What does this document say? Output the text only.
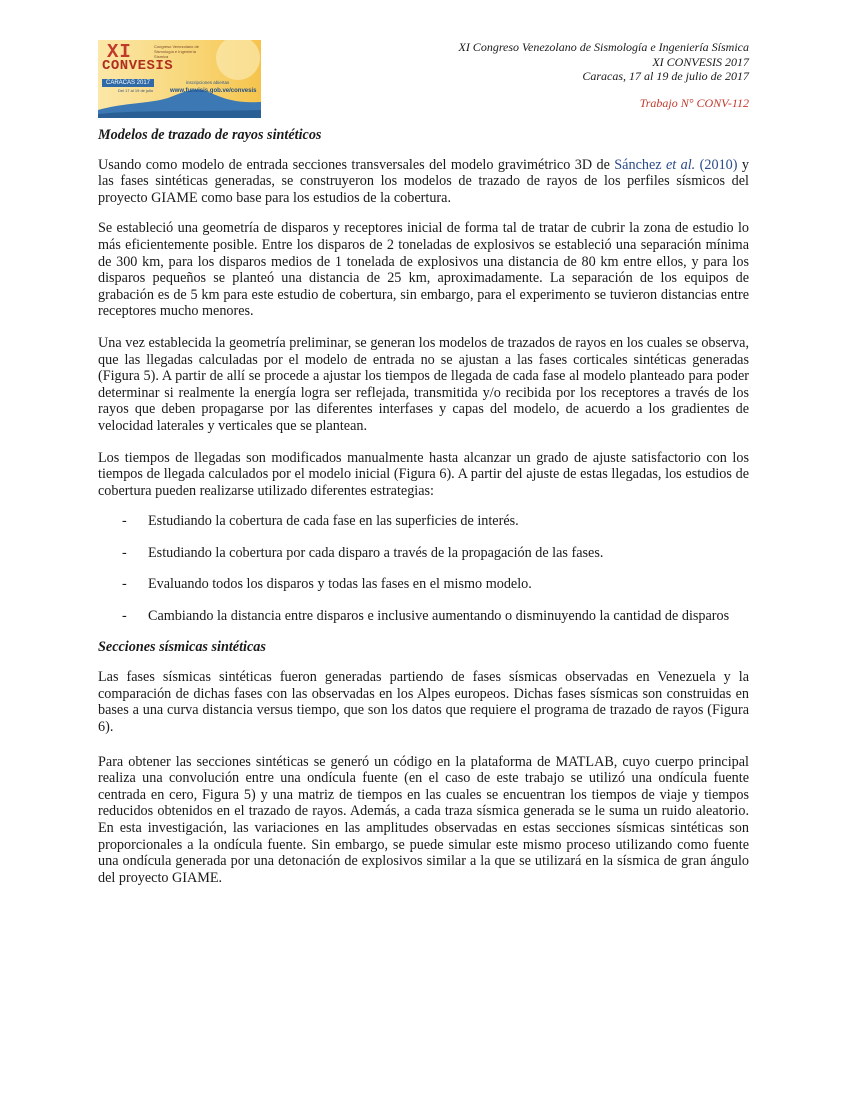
XI	Congreso Venezolano de Sismología e Ingeniería Sísmica
CONVESIS
CARACAS 2017
Del 17 al 19 de julio
inscripciones abiertas
www.funvisis.gob.ve/convesis
XI Congreso Venezolano de Sismología e Ingeniería Sísmica
XI CONVESIS 2017
Caracas, 17 al 19 de julio de 2017
Trabajo N° CONV-112

Modelos de trazado de rayos sintéticos

Usando como modelo de entrada secciones transversales del modelo gravimétrico 3D de Sánchez et al. (2010) y las fases sintéticas generadas, se construyeron los modelos de trazado de rayos de los perfiles sísmicos del proyecto GIAME como base para los estudios de la cobertura.

Se estableció una geometría de disparos y receptores inicial de forma tal de tratar de cubrir la zona de estudio lo más eficientemente posible. Entre los disparos de 2 toneladas de explosivos se estableció una separación mínima de 300 km, para los disparos medios de 1 tonelada de explosivos una distancia de 80 km entre ellos, y para los disparos pequeños se planteó una distancia de 25 km, aproximadamente. La separación de los equipos de grabación es de 5 km para este estudio de cobertura, sin embargo, para el experimento se tuvieron distancias entre receptores mucho menores.

Una vez establecida la geometría preliminar, se generan los modelos de trazados de rayos en los cuales se observa, que las llegadas calculadas por el modelo de entrada no se ajustan a las fases corticales sintéticas generadas (Figura 5). A partir de allí se procede a ajustar los tiempos de llegada de cada fase al modelo planteado para poder determinar si realmente la energía logra ser reflejada, transmitida y/o recibida por los receptores a través de los rayos que deben propagarse por las diferentes interfases y capas del modelo, de acuerdo a los gradientes de velocidad laterales y verticales que se plantean.

Los tiempos de llegadas son modificados manualmente hasta alcanzar un grado de ajuste satisfactorio con los tiempos de llegada calculados por el modelo inicial (Figura 6). A partir del ajuste de estas llegadas, los estudios de cobertura pueden realizarse utilizado diferentes estrategias:

- Estudiando la cobertura de cada fase en las superficies de interés.
- Estudiando la cobertura por cada disparo a través de la propagación de las fases.
- Evaluando todos los disparos y todas las fases en el mismo modelo.
- Cambiando la distancia entre disparos e inclusive aumentando o disminuyendo la cantidad de disparos

Secciones sísmicas sintéticas

Las fases sísmicas sintéticas fueron generadas partiendo de fases sísmicas observadas en Venezuela y la comparación de dichas fases con las observadas en los Alpes europeos. Dichas fases sísmicas son construidas en bases a una curva distancia versus tiempo, que son los datos que requiere el programa de trazado de rayos (Figura 6).

Para obtener las secciones sintéticas se generó un código en la plataforma de MATLAB, cuyo cuerpo principal realiza una convolución entre una ondícula fuente (en el caso de este trabajo se utilizó una ondícula fuente centrada en cero, Figura 5) y una matriz de tiempos en las cuales se encuentran los tiempos de viaje y tiempos reducidos obtenidos en el trazado de rayos. Además, a cada traza sísmica generada se le suma un ruido aleatorio. En esta investigación, las variaciones en las amplitudes observadas en estas secciones sísmicas sintéticas son proporcionales a la ondícula fuente. Sin embargo, se puede simular este mismo proceso utilizando como fuente una ondícula generada por una detonación de explosivos similar a la que se utilizará en la sísmica de gran ángulo del proyecto GIAME.
